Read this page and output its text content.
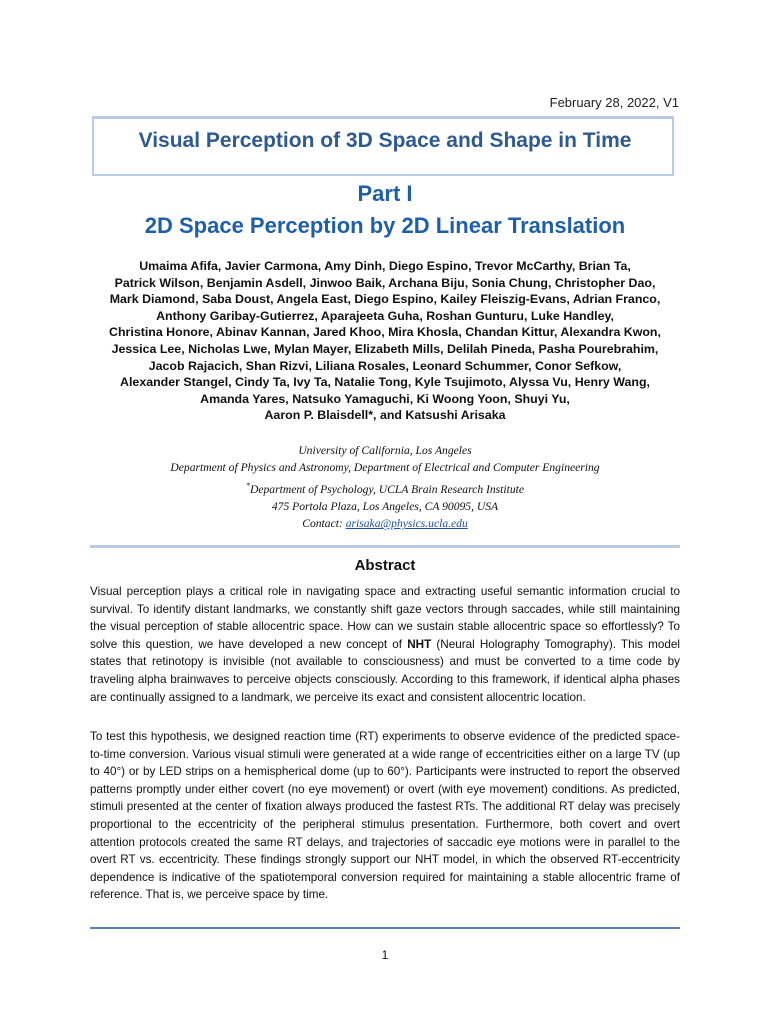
February 28, 2022, V1
Visual Perception of 3D Space and Shape in Time
Part I
2D Space Perception by 2D Linear Translation
Umaima Afifa, Javier Carmona, Amy Dinh, Diego Espino, Trevor McCarthy, Brian Ta,
Patrick Wilson, Benjamin Asdell, Jinwoo Baik, Archana Biju, Sonia Chung, Christopher Dao,
Mark Diamond, Saba Doust, Angela East, Diego Espino, Kailey Fleiszig-Evans, Adrian Franco,
Anthony Garibay-Gutierrez, Aparajeeta Guha, Roshan Gunturu, Luke Handley,
Christina Honore, Abinav Kannan, Jared Khoo, Mira Khosla, Chandan Kittur, Alexandra Kwon,
Jessica Lee, Nicholas Lwe, Mylan Mayer, Elizabeth Mills, Delilah Pineda, Pasha Pourebrahim,
Jacob Rajacich, Shan Rizvi, Liliana Rosales, Leonard Schummer, Conor Sefkow,
Alexander Stangel, Cindy Ta, Ivy Ta, Natalie Tong, Kyle Tsujimoto, Alyssa Vu, Henry Wang,
Amanda Yares, Natsuko Yamaguchi, Ki Woong Yoon, Shuyi Yu,
Aaron P. Blaisdell*, and Katsushi Arisaka
University of California, Los Angeles
Department of Physics and Astronomy, Department of Electrical and Computer Engineering
*Department of Psychology, UCLA Brain Research Institute
475 Portola Plaza, Los Angeles, CA 90095, USA
Contact: arisaka@physics.ucla.edu
Abstract
Visual perception plays a critical role in navigating space and extracting useful semantic information crucial to survival. To identify distant landmarks, we constantly shift gaze vectors through saccades, while still maintaining the visual perception of stable allocentric space. How can we sustain stable allocentric space so effortlessly? To solve this question, we have developed a new concept of NHT (Neural Holography Tomography). This model states that retinotopy is invisible (not available to consciousness) and must be converted to a time code by traveling alpha brainwaves to perceive objects consciously. According to this framework, if identical alpha phases are continually assigned to a landmark, we perceive its exact and consistent allocentric location.
To test this hypothesis, we designed reaction time (RT) experiments to observe evidence of the predicted space-to-time conversion. Various visual stimuli were generated at a wide range of eccentricities either on a large TV (up to 40°) or by LED strips on a hemispherical dome (up to 60°). Participants were instructed to report the observed patterns promptly under either covert (no eye movement) or overt (with eye movement) conditions. As predicted, stimuli presented at the center of fixation always produced the fastest RTs. The additional RT delay was precisely proportional to the eccentricity of the peripheral stimulus presentation. Furthermore, both covert and overt attention protocols created the same RT delays, and trajectories of saccadic eye motions were in parallel to the overt RT vs. eccentricity. These findings strongly support our NHT model, in which the observed RT-eccentricity dependence is indicative of the spatiotemporal conversion required for maintaining a stable allocentric frame of reference. That is, we perceive space by time.
1
